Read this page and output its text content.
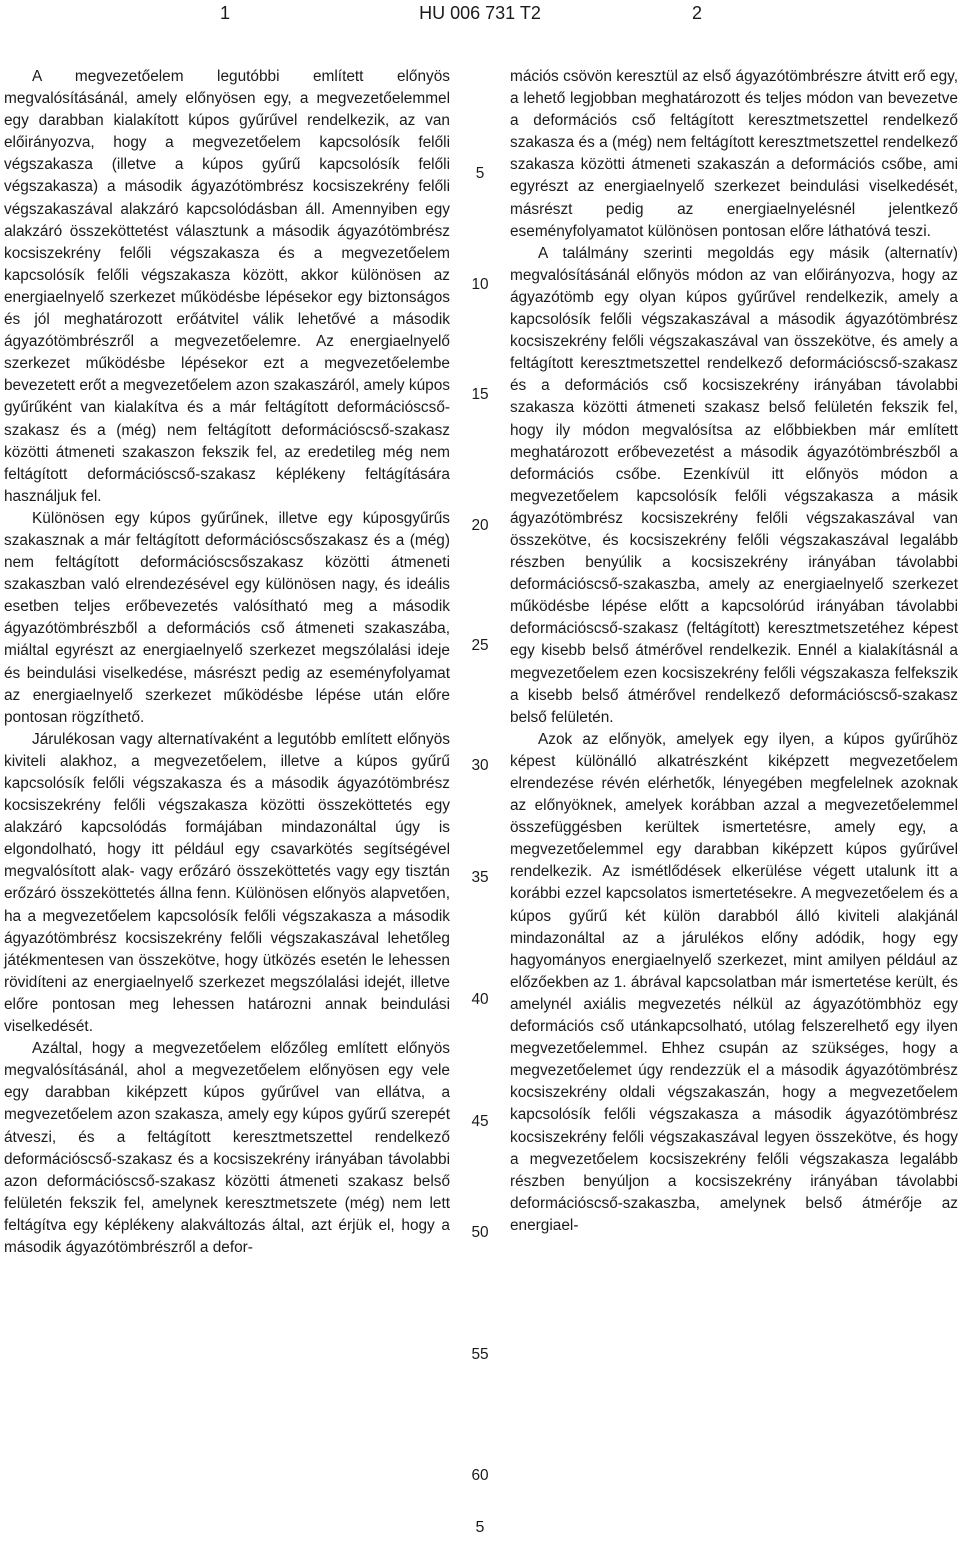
1	HU 006 731 T2	2

A megvezetőelem legutóbbi említett előnyös megvalósításánál, amely előnyösen egy, a megvezetőelemmel egy darabban kialakított kúpos gyűrűvel rendelkezik, az van előirányozva, hogy a megvezetőelem kapcsolósík felőli végszakasza (illetve a kúpos gyűrű kapcsolósík felőli végszakasza) a második ágyazótömbrész kocsiszekrény felőli végszakaszával alakzáró kapcsolódásban áll. Amennyiben egy alakzáró összeköttetést választunk a második ágyazótömbrész kocsiszekrény felőli végszakasza és a megvezetőelem kapcsolósík felőli végszakasza között, akkor különösen az energiaelnyelő szerkezet működésbe lépésekor egy biztonságos és jól meghatározott erőátvitel válik lehetővé a második ágyazótömbrészről a megvezetőelemre. Az energiaelnyelő szerkezet működésbe lépésekor ezt a megvezetőelembe bevezetett erőt a megvezetőelem azon szakaszáról, amely kúpos gyűrűként van kialakítva és a már feltágított deformációscső-szakasz és a (még) nem feltágított deformációscső-szakasz közötti átmeneti szakaszon fekszik fel, az eredetileg még nem feltágított deformációscső-szakasz képlékeny feltágítására használjuk fel.

Különösen egy kúpos gyűrűnek, illetve egy kúposgyűrűs szakasznak a már feltágított deformációscsőszakasz és a (még) nem feltágított deformációscsőszakasz közötti átmeneti szakaszban való elrendezésével egy különösen nagy, és ideális esetben teljes erőbevezetés valósítható meg a második ágyazótömbrészből a deformációs cső átmeneti szakaszába, miáltal egyrészt az energiaelnyelő szerkezet megszólalási ideje és beindulási viselkedése, másrészt pedig az eseményfolyamat az energiaelnyelő szerkezet működésbe lépése után előre pontosan rögzíthető.

Járulékosan vagy alternatívaként a legutóbb említett előnyös kiviteli alakhoz, a megvezetőelem, illetve a kúpos gyűrű kapcsolósík felőli végszakasza és a második ágyazótömbrész kocsiszekrény felőli végszakasza közötti összeköttetés egy alakzáró kapcsolódás formájában mindazonáltal úgy is elgondolható, hogy itt például egy csavarkötés segítségével megvalósított alak- vagy erőzáró összeköttetés vagy egy tisztán erőzáró összeköttetés állna fenn. Különösen előnyös alapvetően, ha a megvezetőelem kapcsolósík felőli végszakasza a második ágyazótömbrész kocsiszekrény felőli végszakaszával lehetőleg játékmentesen van összekötve, hogy ütközés esetén le lehessen rövidíteni az energiaelnyelő szerkezet megszólalási idejét, illetve előre pontosan meg lehessen határozni annak beindulási viselkedését.

Azáltal, hogy a megvezetőelem előzőleg említett előnyös megvalósításánál, ahol a megvezetőelem előnyösen egy vele egy darabban kiképzett kúpos gyűrűvel van ellátva, a megvezetőelem azon szakasza, amely egy kúpos gyűrű szerepét átveszi, és a feltágított keresztmetszettel rendelkező deformációscső-szakasz és a kocsiszekrény irányában távolabbi azon deformációscső-szakasz közötti átmeneti szakasz belső felületén fekszik fel, amelynek keresztmetszete (még) nem lett feltágítva egy képlékeny alakváltozás által, azt érjük el, hogy a második ágyazótömbrészről a defor-

mációs csövön keresztül az első ágyazótömbrészre átvitt erő egy, a lehető legjobban meghatározott és teljes módon van bevezetve a deformációs cső feltágított keresztmetszettel rendelkező szakasza és a (még) nem feltágított keresztmetszettel rendelkező szakasza közötti átmeneti szakaszán a deformációs csőbe, ami egyrészt az energiaelnyelő szerkezet beindulási viselkedését, másrészt pedig az energiaelnyelésnél jelentkező eseményfolyamatot különösen pontosan előre láthatóvá teszi.

A találmány szerinti megoldás egy másik (alternatív) megvalósításánál előnyös módon az van előirányozva, hogy az ágyazótömb egy olyan kúpos gyűrűvel rendelkezik, amely a kapcsolósík felőli végszakaszával a második ágyazótömbrész kocsiszekrény felőli végszakaszával van összekötve, és amely a feltágított keresztmetszettel rendelkező deformációscső-szakasz és a deformációs cső kocsiszekrény irányában távolabbi szakasza közötti átmeneti szakasz belső felületén fekszik fel, hogy ily módon megvalósítsa az előbbiekben már említett meghatározott erőbevezetést a második ágyazótömbrészből a deformációs csőbe. Ezenkívül itt előnyös módon a megvezetőelem kapcsolósík felőli végszakasza a másik ágyazótömbrész kocsiszekrény felőli végszakaszával van összekötve, és kocsiszekrény felőli végszakaszával legalább részben benyúlik a kocsiszekrény irányában távolabbi deformációscső-szakaszba, amely az energiaelnyelő szerkezet működésbe lépése előtt a kapcsolórúd irányában távolabbi deformációscső-szakasz (feltágított) keresztmetszetéhez képest egy kisebb belső átmérővel rendelkezik. Ennél a kialakításnál a megvezetőelem ezen kocsiszekrény felőli végszakasza felfekszik a kisebb belső átmérővel rendelkező deformációscső-szakasz belső felületén.

Azok az előnyök, amelyek egy ilyen, a kúpos gyűrűhöz képest különálló alkatrészként kiképzett megvezetőelem elrendezése révén elérhetők, lényegében megfelelnek azoknak az előnyöknek, amelyek korábban azzal a megvezetőelemmel összefüggésben kerültek ismertetésre, amely egy, a megvezetőelemmel egy darabban kiképzett kúpos gyűrűvel rendelkezik. Az ismétlődések elkerülése végett utalunk itt a korábbi ezzel kapcsolatos ismertetésekre. A megvezetőelem és a kúpos gyűrű két külön darabból álló kiviteli alakjánál mindazonáltal az a járulékos előny adódik, hogy egy hagyományos energiaelnyelő szerkezet, mint amilyen például az előzőekben az 1. ábrával kapcsolatban már ismertetése került, és amelynél axiális megvezetés nélkül az ágyazótömbhöz egy deformációs cső utánkapcsolható, utólag felszerelhető egy ilyen megvezetőelemmel. Ehhez csupán az szükséges, hogy a megvezetőelemet úgy rendezzük el a második ágyazótömbrész kocsiszekrény oldali végszakaszán, hogy a megvezetőelem kapcsolósík felőli végszakasza a második ágyazótömbrész kocsiszekrény felőli végszakaszával legyen összekötve, és hogy a megvezetőelem kocsiszekrény felőli végszakasza legalább részben benyúljon a kocsiszekrény irányában távolabbi deformációscső-szakaszba, amelynek belső átmérője az energiael-

5
10
15
20
25
30
35
40
45
50
55
60
5
